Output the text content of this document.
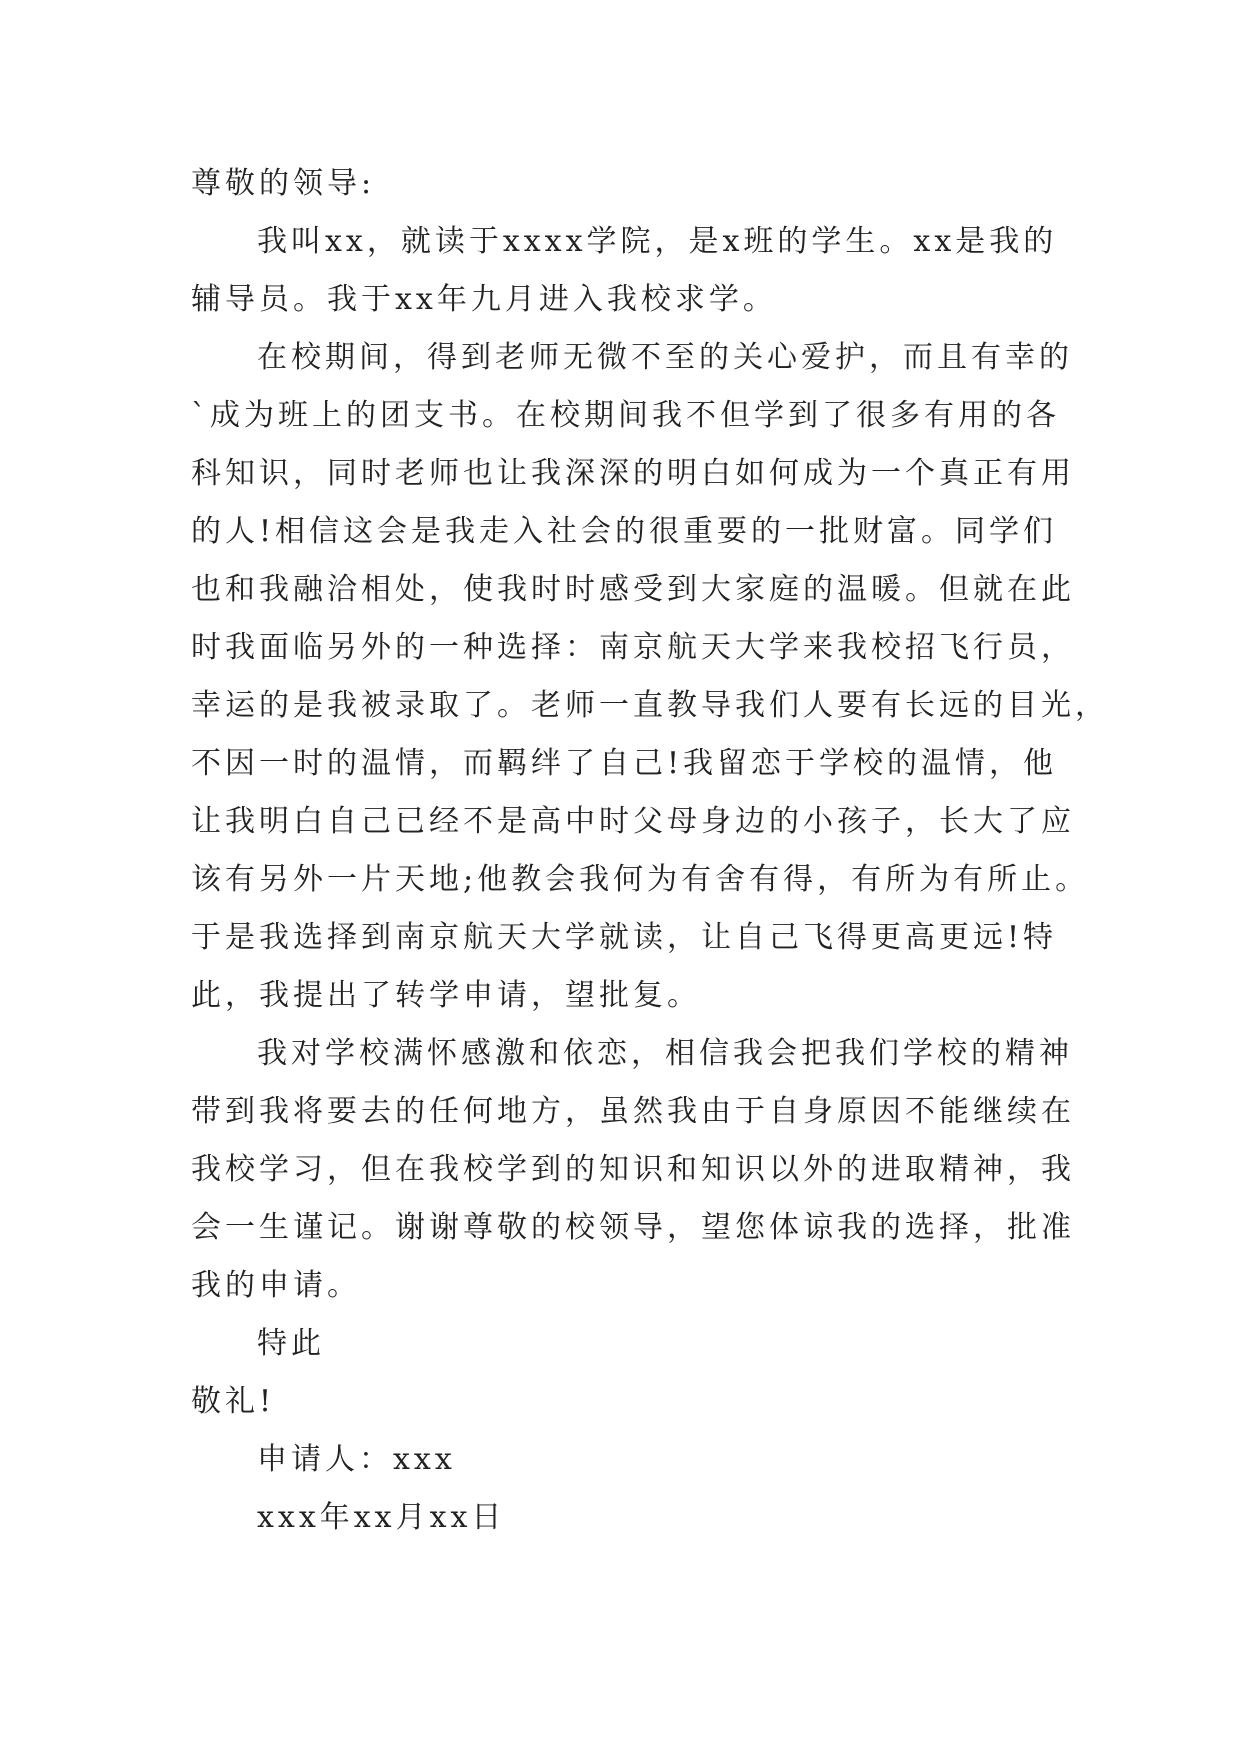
尊敬的领导:
我叫xx，就读于xxxx学院，是x班的学生。xx是我的
辅导员。我于xx年九月进入我校求学。
在校期间，得到老师无微不至的关心爱护，而且有幸的
`成为班上的团支书。在校期间我不但学到了很多有用的各
科知识，同时老师也让我深深的明白如何成为一个真正有用
的人!相信这会是我走入社会的很重要的一批财富。同学们
也和我融洽相处，使我时时感受到大家庭的温暖。但就在此
时我面临另外的一种选择：南京航天大学来我校招飞行员，
幸运的是我被录取了。老师一直教导我们人要有长远的目光，
不因一时的温情，而羁绊了自己!我留恋于学校的温情，他
让我明白自己已经不是高中时父母身边的小孩子，长大了应
该有另外一片天地;他教会我何为有舍有得，有所为有所止。
于是我选择到南京航天大学就读，让自己飞得更高更远!特
此，我提出了转学申请，望批复。
我对学校满怀感激和依恋，相信我会把我们学校的精神
带到我将要去的任何地方，虽然我由于自身原因不能继续在
我校学习，但在我校学到的知识和知识以外的进取精神，我
会一生谨记。谢谢尊敬的校领导，望您体谅我的选择，批准
我的申请。
特此
敬礼!
申请人：xxx
xxx年xx月xx日
